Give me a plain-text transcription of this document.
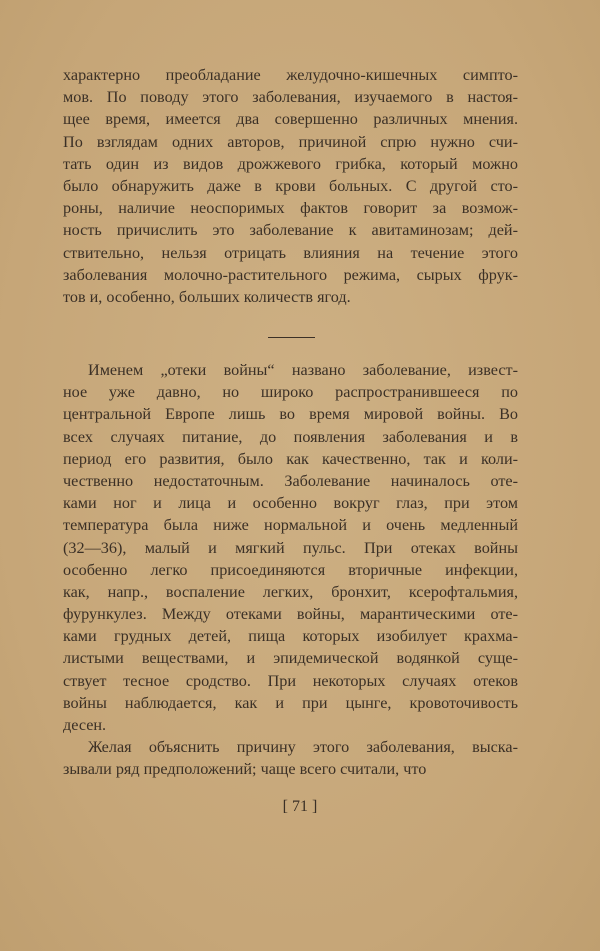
характерно преобладание желудочно-кишечных симпто-
мов. По поводу этого заболевания, изучаемого в настоя-
щее время, имеется два совершенно различных мнения.
По взглядам одних авторов, причиной спрю нужно счи-
тать один из видов дрожжевого грибка, который можно
было обнаружить даже в крови больных. С другой сто-
роны, наличие неоспоримых фактов говорит за возмож-
ность причислить это заболевание к авитаминозам; дей-
ствительно, нельзя отрицать влияния на течение этого
заболевания молочно-растительного режима, сырых фрук-
тов и, особенно, больших количеств ягод.
Именем „отеки войны“ названо заболевание, извест-
ное уже давно, но широко распространившееся по
центральной Европе лишь во время мировой войны. Во
всех случаях питание, до появления заболевания и в
период его развития, было как качественно, так и коли-
чественно недостаточным. Заболевание начиналось оте-
ками ног и лица и особенно вокруг глаз, при этом
температура была ниже нормальной и очень медленный
(32—36), малый и мягкий пульс. При отеках войны
особенно легко присоединяются вторичные инфекции,
как, напр., воспаление легких, бронхит, ксерофтальмия,
фурункулез. Между отеками войны, марантическими оте-
ками грудных детей, пища которых изобилует крахма-
листыми веществами, и эпидемической водянкой суще-
ствует тесное сродство. При некоторых случаях отеков
войны наблюдается, как и при цынге, кровоточивость
десен.
Желая объяснить причину этого заболевания, выска-
зывали ряд предположений; чаще всего считали, что
[ 71 ]
